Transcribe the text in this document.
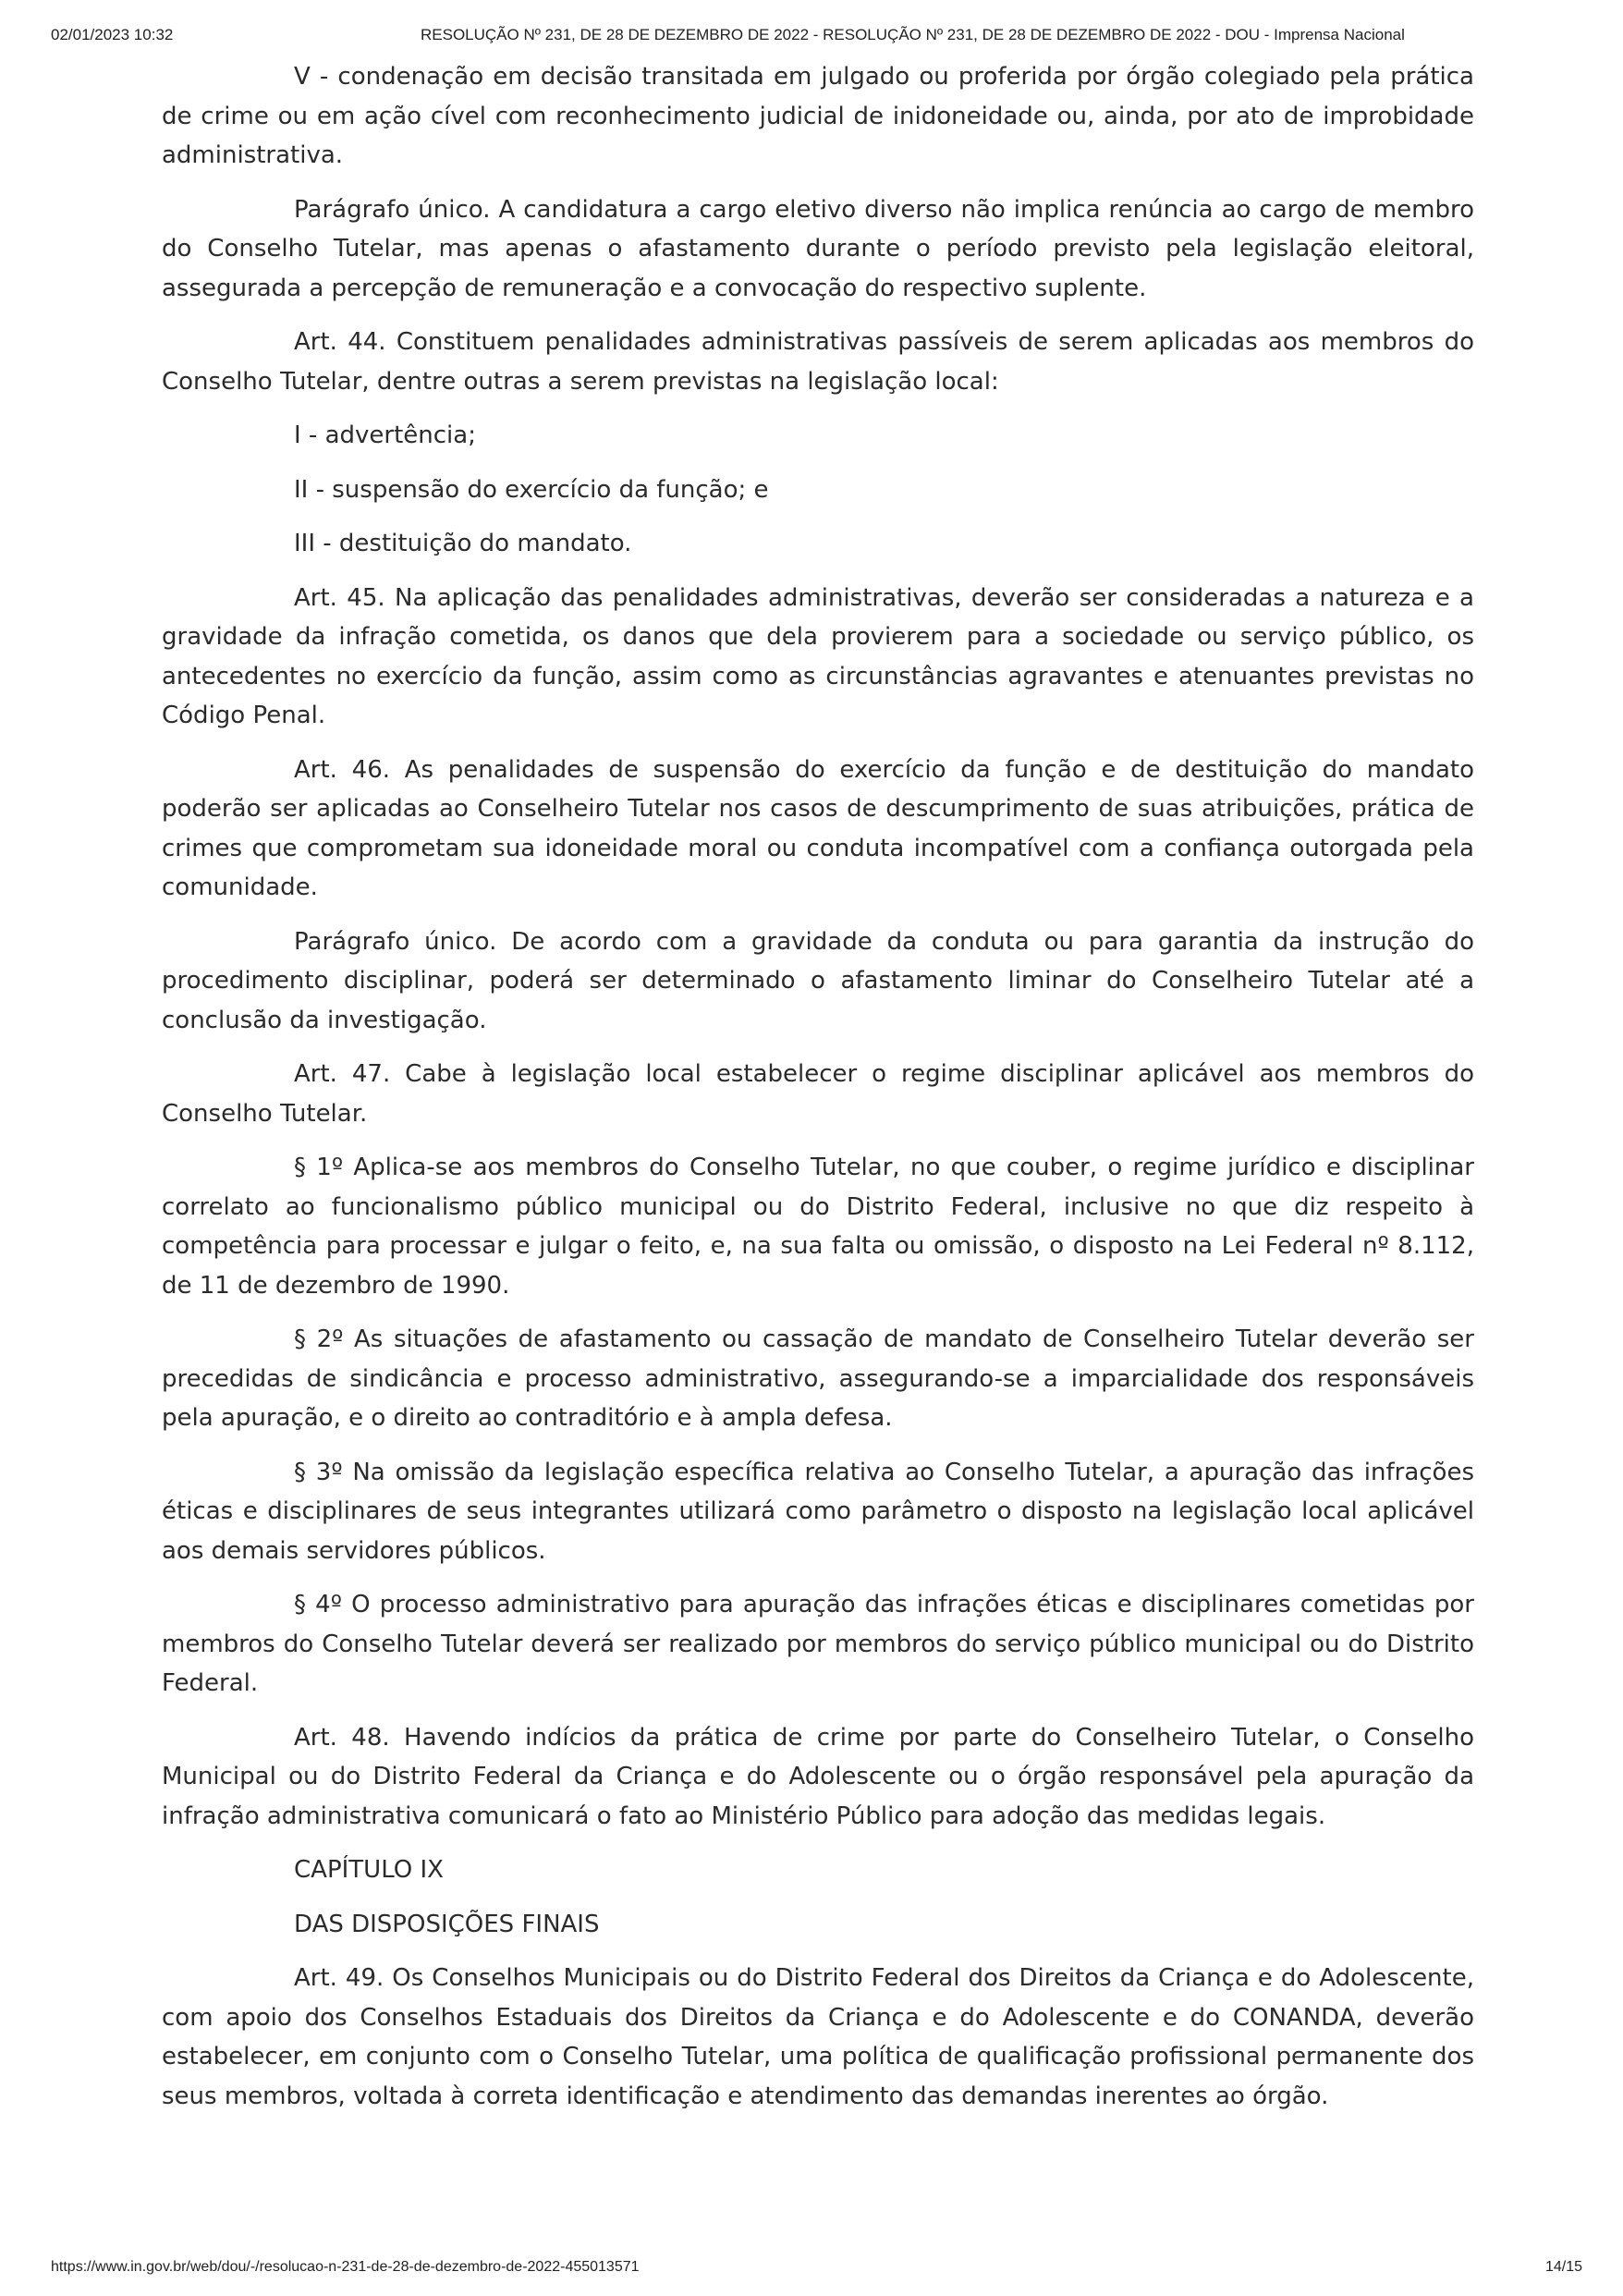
02/01/2023 10:32	RESOLUÇÃO Nº 231, DE 28 DE DEZEMBRO DE 2022 - RESOLUÇÃO Nº 231, DE 28 DE DEZEMBRO DE 2022 - DOU - Imprensa Nacional

V - condenação em decisão transitada em julgado ou proferida por órgão colegiado pela prática de crime ou em ação cível com reconhecimento judicial de inidoneidade ou, ainda, por ato de improbidade administrativa.

Parágrafo único. A candidatura a cargo eletivo diverso não implica renúncia ao cargo de membro do Conselho Tutelar, mas apenas o afastamento durante o período previsto pela legislação eleitoral, assegurada a percepção de remuneração e a convocação do respectivo suplente.

Art. 44. Constituem penalidades administrativas passíveis de serem aplicadas aos membros do Conselho Tutelar, dentre outras a serem previstas na legislação local:

I - advertência;

II - suspensão do exercício da função; e

III - destituição do mandato.

Art. 45. Na aplicação das penalidades administrativas, deverão ser consideradas a natureza e a gravidade da infração cometida, os danos que dela provierem para a sociedade ou serviço público, os antecedentes no exercício da função, assim como as circunstâncias agravantes e atenuantes previstas no Código Penal.

Art. 46. As penalidades de suspensão do exercício da função e de destituição do mandato poderão ser aplicadas ao Conselheiro Tutelar nos casos de descumprimento de suas atribuições, prática de crimes que comprometam sua idoneidade moral ou conduta incompatível com a confiança outorgada pela comunidade.

Parágrafo único. De acordo com a gravidade da conduta ou para garantia da instrução do procedimento disciplinar, poderá ser determinado o afastamento liminar do Conselheiro Tutelar até a conclusão da investigação.

Art. 47. Cabe à legislação local estabelecer o regime disciplinar aplicável aos membros do Conselho Tutelar.

§ 1º Aplica-se aos membros do Conselho Tutelar, no que couber, o regime jurídico e disciplinar correlato ao funcionalismo público municipal ou do Distrito Federal, inclusive no que diz respeito à competência para processar e julgar o feito, e, na sua falta ou omissão, o disposto na Lei Federal nº 8.112, de 11 de dezembro de 1990.

§ 2º As situações de afastamento ou cassação de mandato de Conselheiro Tutelar deverão ser precedidas de sindicância e processo administrativo, assegurando-se a imparcialidade dos responsáveis pela apuração, e o direito ao contraditório e à ampla defesa.

§ 3º Na omissão da legislação específica relativa ao Conselho Tutelar, a apuração das infrações éticas e disciplinares de seus integrantes utilizará como parâmetro o disposto na legislação local aplicável aos demais servidores públicos.

§ 4º O processo administrativo para apuração das infrações éticas e disciplinares cometidas por membros do Conselho Tutelar deverá ser realizado por membros do serviço público municipal ou do Distrito Federal.

Art. 48. Havendo indícios da prática de crime por parte do Conselheiro Tutelar, o Conselho Municipal ou do Distrito Federal da Criança e do Adolescente ou o órgão responsável pela apuração da infração administrativa comunicará o fato ao Ministério Público para adoção das medidas legais.

CAPÍTULO IX

DAS DISPOSIÇÕES FINAIS

Art. 49. Os Conselhos Municipais ou do Distrito Federal dos Direitos da Criança e do Adolescente, com apoio dos Conselhos Estaduais dos Direitos da Criança e do Adolescente e do CONANDA, deverão estabelecer, em conjunto com o Conselho Tutelar, uma política de qualificação profissional permanente dos seus membros, voltada à correta identificação e atendimento das demandas inerentes ao órgão.

https://www.in.gov.br/web/dou/-/resolucao-n-231-de-28-de-dezembro-de-2022-455013571	14/15
